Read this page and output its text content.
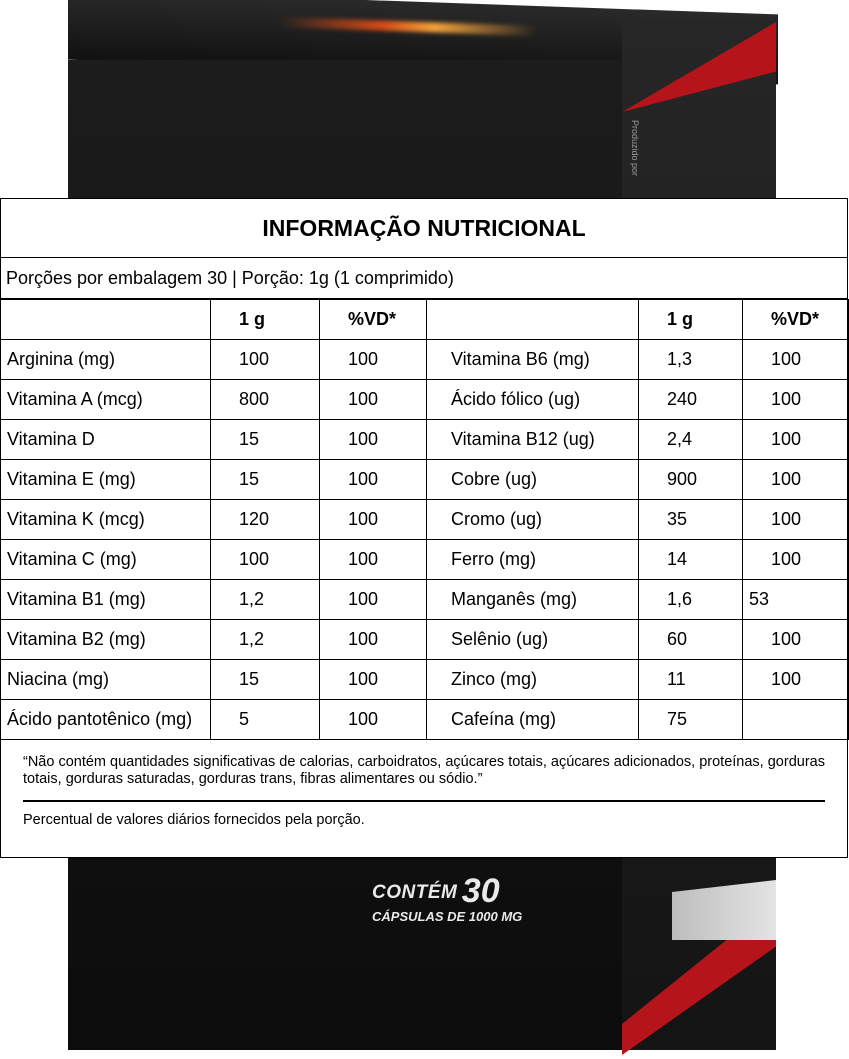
Produzido por
CONTÉM 30
CÁPSULAS DE 1000 MG
INFORMAÇÃO NUTRICIONAL
Porções por embalagem 30 | Porção: 1g (1 comprimido)
	1 g	%VD*		1 g	%VD*
Arginina (mg)	100	100	Vitamina B6 (mg)	1,3	100
Vitamina A (mcg)	800	100	Ácido fólico (ug)	240	100
Vitamina D	15	100	Vitamina B12 (ug)	2,4	100
Vitamina E (mg)	15	100	Cobre (ug)	900	100
Vitamina K (mcg)	120	100	Cromo (ug)	35	100
Vitamina C (mg)	100	100	Ferro (mg)	14	100
Vitamina B1 (mg)	1,2	100	Manganês (mg)	1,6	53
Vitamina B2 (mg)	1,2	100	Selênio (ug)	60	100
Niacina (mg)	15	100	Zinco (mg)	11	100
Ácido pantotênico (mg)	5	100	Cafeína (mg)	75	
“Não contém quantidades significativas de calorias, carboidratos, açúcares totais, açúcares adicionados, proteínas, gorduras totais, gorduras saturadas, gorduras trans, fibras alimentares ou sódio.”
Percentual de valores diários fornecidos pela porção.
